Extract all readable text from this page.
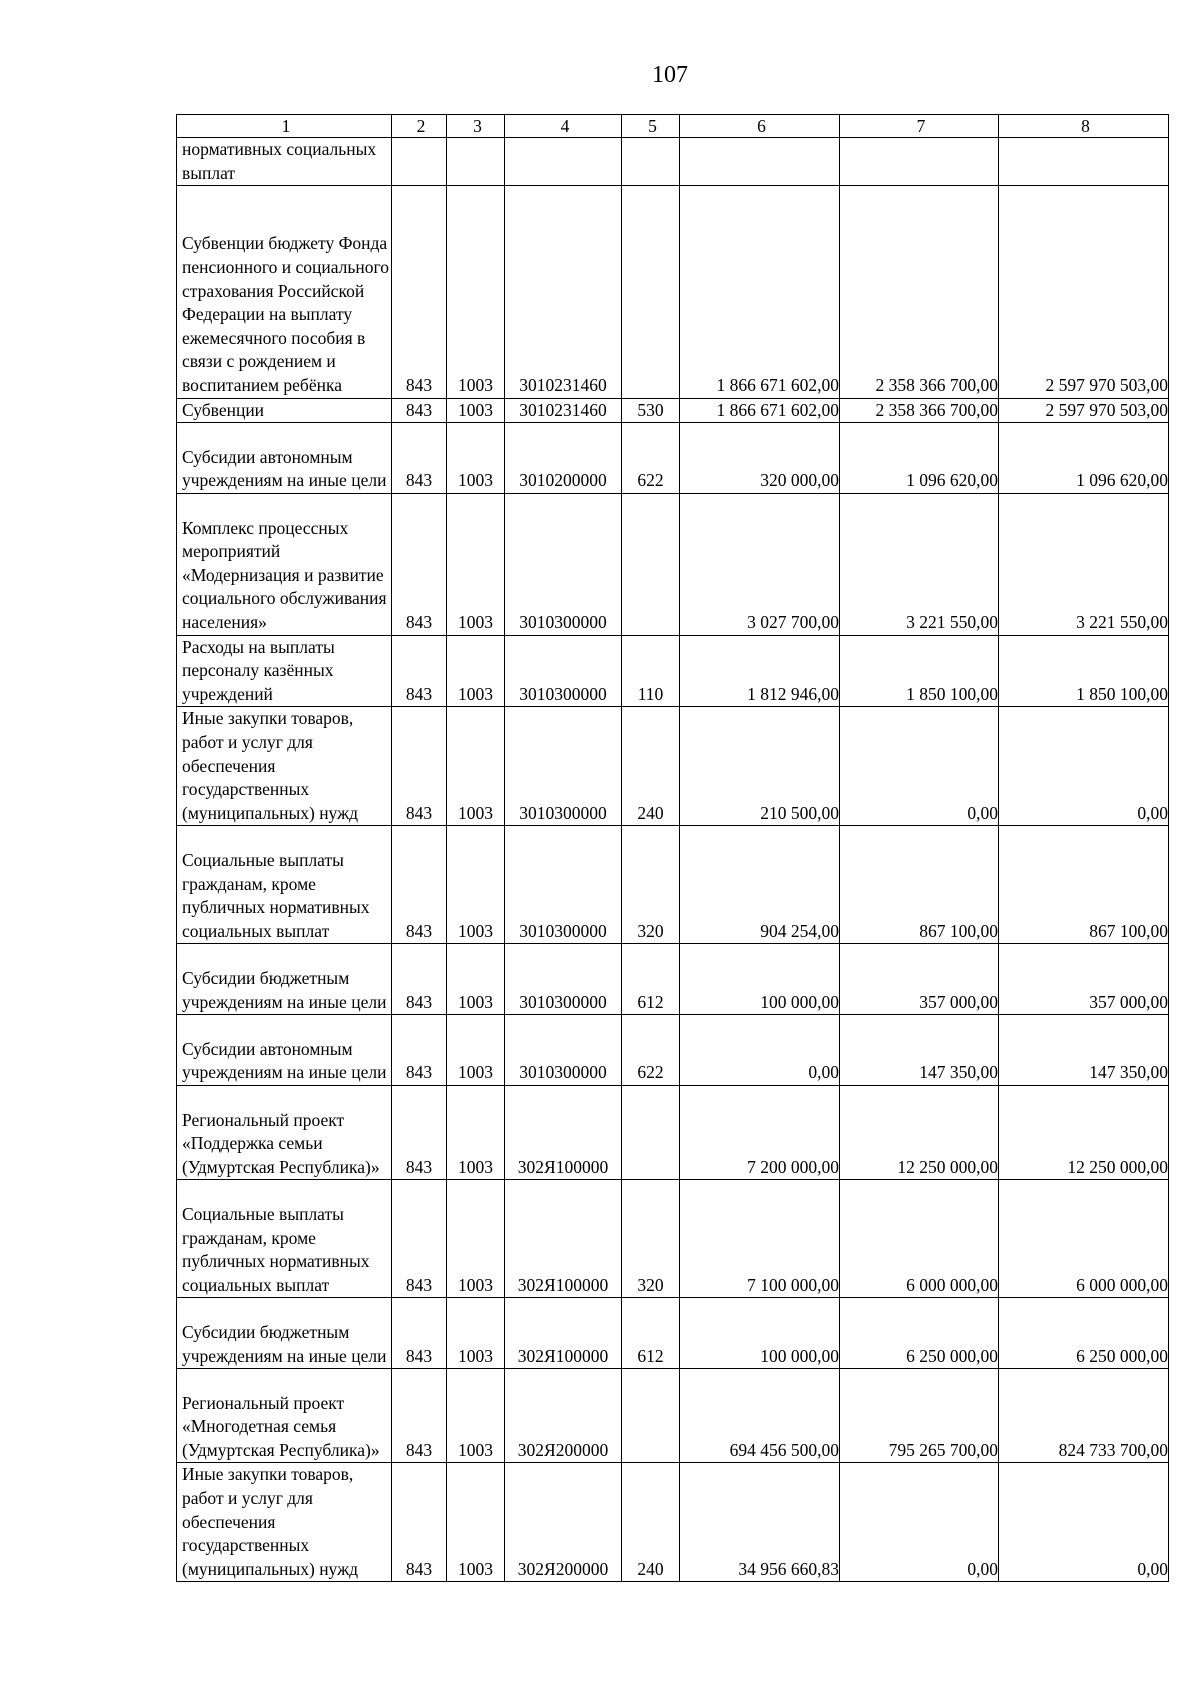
107
1	2	3	4	5	6	7	8
нормативных социальных выплат							
Субвенции бюджету Фонда пенсионного и социального страхования Российской Федерации на выплату ежемесячного пособия в связи с рождением и воспитанием ребёнка	843	1003	3010231460		1 866 671 602,00	2 358 366 700,00	2 597 970 503,00
Субвенции	843	1003	3010231460	530	1 866 671 602,00	2 358 366 700,00	2 597 970 503,00
Субсидии автономным учреждениям на иные цели	843	1003	3010200000	622	320 000,00	1 096 620,00	1 096 620,00
Комплекс процессных мероприятий «Модернизация и развитие социального обслуживания населения»	843	1003	3010300000		3 027 700,00	3 221 550,00	3 221 550,00
Расходы на выплаты персоналу казённых учреждений	843	1003	3010300000	110	1 812 946,00	1 850 100,00	1 850 100,00
Иные закупки товаров, работ и услуг для обеспечения государственных (муниципальных) нужд	843	1003	3010300000	240	210 500,00	0,00	0,00
Социальные выплаты гражданам, кроме публичных нормативных социальных выплат	843	1003	3010300000	320	904 254,00	867 100,00	867 100,00
Субсидии бюджетным учреждениям на иные цели	843	1003	3010300000	612	100 000,00	357 000,00	357 000,00
Субсидии автономным учреждениям на иные цели	843	1003	3010300000	622	0,00	147 350,00	147 350,00
Региональный проект «Поддержка семьи (Удмуртская Республика)»	843	1003	302Я100000		7 200 000,00	12 250 000,00	12 250 000,00
Социальные выплаты гражданам, кроме публичных нормативных социальных выплат	843	1003	302Я100000	320	7 100 000,00	6 000 000,00	6 000 000,00
Субсидии бюджетным учреждениям на иные цели	843	1003	302Я100000	612	100 000,00	6 250 000,00	6 250 000,00
Региональный проект «Многодетная семья (Удмуртская Республика)»	843	1003	302Я200000		694 456 500,00	795 265 700,00	824 733 700,00
Иные закупки товаров, работ и услуг для обеспечения государственных (муниципальных) нужд	843	1003	302Я200000	240	34 956 660,83	0,00	0,00
